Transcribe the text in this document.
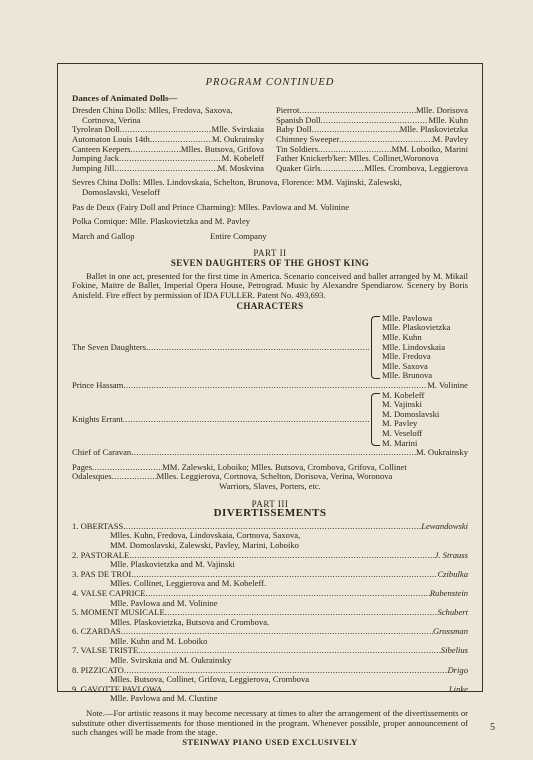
PROGRAM CONTINUED
Dances of Animated Dolls—
Dresden China Dolls: Mlles, Fredova, Saxova,
Cortnova, Verina
Tyrolean Doll .....	Mlle. Svirskaia
Automaton Louis 14th .....	M. Oukrainsky
Canteen Keepers .....	Mlles. Butsova, Grifova
Jumping Jack .....	M. Kobeleff
Jumping Jill .....	M. Moskvina
Pierrot .....	Mlle. Dorisova
Spanish Doll .....	Mlle. Kuhn
Baby Doll .....	Mlle. Plaskovietzka
Chimney Sweeper .....	M. Pavley
Tin Soldiers .....	MM. Loboiko, Marini
Father Knickerb'ker: Mlles. Collinet,Woronova
Quaker Girls .....	Mlles. Crombova, Leggierova
Sevres China Dolls: Mlles. Lindovskaia, Schelton, Brunova, Florence: MM. Vajinski, Zalewski,
Domoslavski, Veseloff
Pas de Deux (Fairy Doll and Prince Charming): Mlles. Pavlowa and M. Volinine
Polka Comique: Mlle. Plaskovietzka and M. Pavley
March and Gallop	Entire Company
PART II
SEVEN DAUGHTERS OF THE GHOST KING
Ballet in one act, presented for the first time in America. Scenario conceived and ballet arranged by M. Mikail Fokine, Maitre de Ballet, Imperial Opera House, Petrograd. Music by Alexandre Spendiarow. Scenery by Boris Anisfeld. Fire effect by permission of IDA FULLER. Patent No. 493,693.
CHARACTERS
The Seven Daughters
.....
Mlle. Pavlowa
Mlle. Plaskovietzka
Mlle. Kuhn
Mlle. Lindovskaia
Mlle. Fredova
Mlle. Saxova
Mlle. Brunova
Prince Hassam .....	M. Volinine
Knights Errant
.....
M. Kobeleff
M. Vajinski
M. Domoslavski
M. Pavley
M. Veseloff
M. Marini
Chief of Caravan .....	M. Oukrainsky
Pages .....	MM. Zalewski, Loboiko; Mlles. Butsova, Crombova, Grifova, Collinet
Odalesques .....	Mlles. Leggierova, Cortnova, Schelton, Dorisova, Verina, Woronova
Warriors, Slaves, Porters, etc.
PART III
DIVERTISSEMENTS
1. OBERTASS .....	Lewandowski
Mlles. Kuhn, Fredova, Lindovskaia, Cortnova, Saxova,
MM. Domoslavski, Zalewski, Pavley, Marini, Loboiko
2. PASTORALE .....	J. Strauss
Mlle. Plaskovietzka and M. Vajinski
3. PAS DE TROI .....	Czibulka
Mlles. Collinet, Leggierova and M. Kobeleff.
4. VALSE CAPRICE .....	Rubenstein
Mlle. Pavlowa and M. Volinine
5. MOMENT MUSICALE .....	Schubert
Mlles. Plaskovietzka, Butsova and Crombova.
6. CZARDAS .....	Grossman
Mlle. Kuhn and M. Loboiko
7. VALSE TRISTE .....	Sibelius
Mlle. Svirskaia and M. Oukrainsky
8. PIZZICATO .....	Drigo
Mlles. Butsova, Collinet, Grifova, Leggierova, Crombova
9. GAVOTTE PAVLOWA .....	Linke
Mlle. Pavlowa and M. Clustine
Note.—For artistic reasons it may become necessary at times to alter the arrangement of the divertissements or substitute other divertissements for those mentioned in the program. Whenever possible, proper announcement of such changes will be made from the stage.
STEINWAY PIANO USED EXCLUSIVELY
5
